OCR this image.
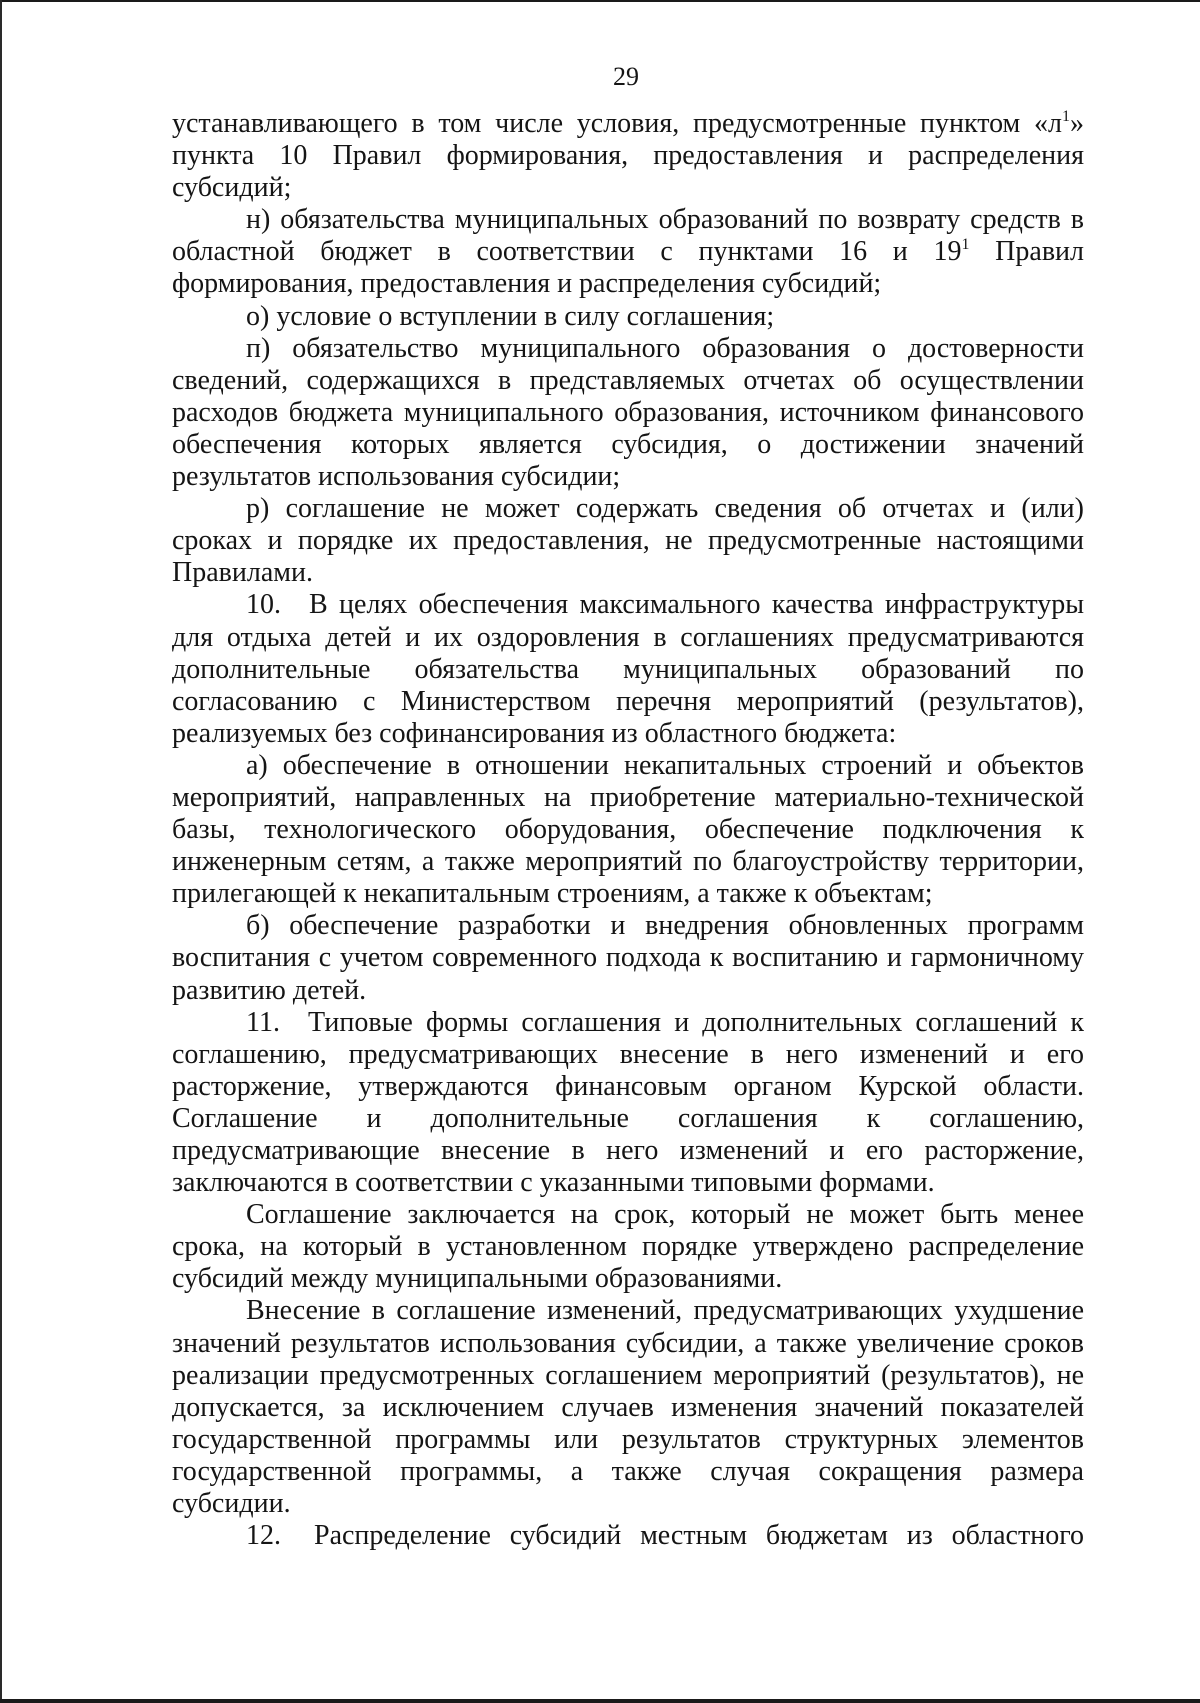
29
устанавливающего в том числе условия, предусмотренные пунктом «$л^1$»
пункта 10 Правил формирования, предоставления и распределения
субсидий;
н) обязательства муниципальных образований по возврату средств в
областной бюджет в соответствии с пунктами 16 и $19^1$ Правил
формирования, предоставления и распределения субсидий;
о) условие о вступлении в силу соглашения;
п) обязательство муниципального образования о достоверности
сведений, содержащихся в представляемых отчетах об осуществлении
расходов бюджета муниципального образования, источником финансового
обеспечения которых является субсидия, о достижении значений
результатов использования субсидии;
р) соглашение не может содержать сведения об отчетах и (или)
сроках и порядке их предоставления, не предусмотренные настоящими
Правилами.
10. В целях обеспечения максимального качества инфраструктуры
для отдыха детей и их оздоровления в соглашениях предусматриваются
дополнительные обязательства муниципальных образований по
согласованию с Министерством перечня мероприятий (результатов),
реализуемых без софинансирования из областного бюджета:
а) обеспечение в отношении некапитальных строений и объектов
мероприятий, направленных на приобретение материально-технической
базы, технологического оборудования, обеспечение подключения к
инженерным сетям, а также мероприятий по благоустройству территории,
прилегающей к некапитальным строениям, а также к объектам;
б) обеспечение разработки и внедрения обновленных программ
воспитания с учетом современного подхода к воспитанию и гармоничному
развитию детей.
11. Типовые формы соглашения и дополнительных соглашений к
соглашению, предусматривающих внесение в него изменений и его
расторжение, утверждаются финансовым органом Курской области.
Соглашение и дополнительные соглашения к соглашению,
предусматривающие внесение в него изменений и его расторжение,
заключаются в соответствии с указанными типовыми формами.
Соглашение заключается на срок, который не может быть менее
срока, на который в установленном порядке утверждено распределение
субсидий между муниципальными образованиями.
Внесение в соглашение изменений, предусматривающих ухудшение
значений результатов использования субсидии, а также увеличение сроков
реализации предусмотренных соглашением мероприятий (результатов), не
допускается, за исключением случаев изменения значений показателей
государственной программы или результатов структурных элементов
государственной программы, а также случая сокращения размера
субсидии.
12. Распределение субсидий местным бюджетам из областного
